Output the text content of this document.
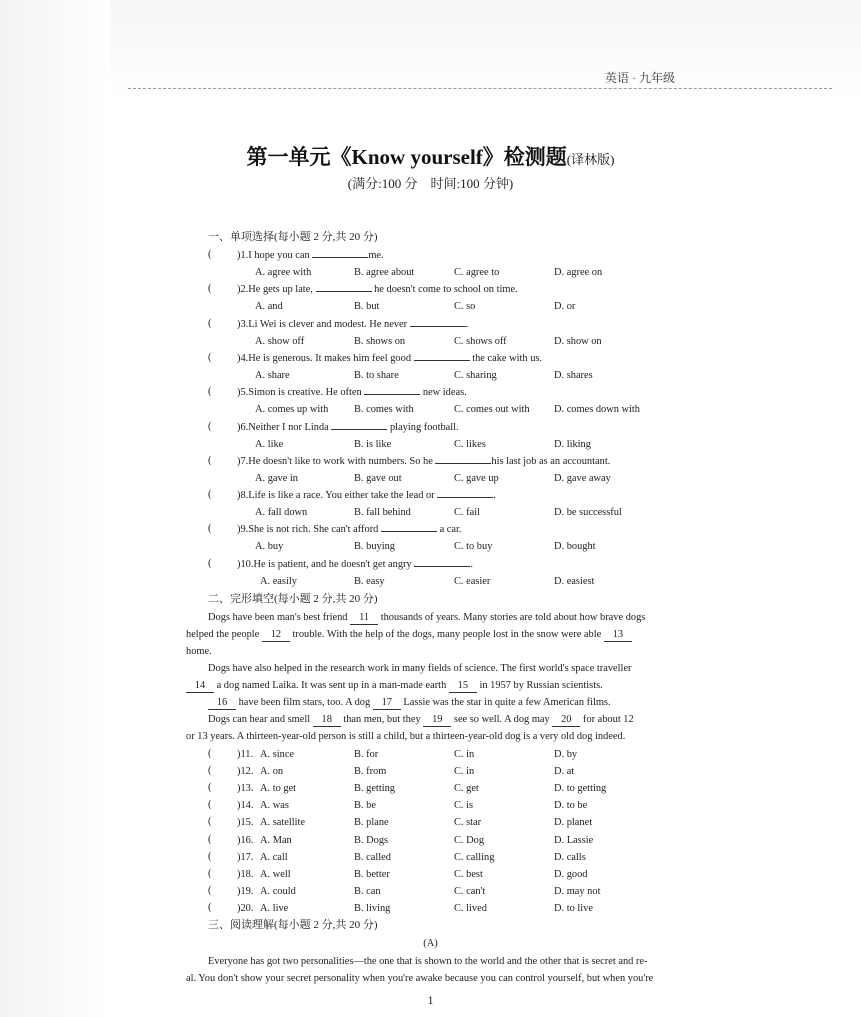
英语 · 九年级
第一单元《Know yourself》检测题(译林版)
(满分:100 分　时间:100 分钟)
一、单项选择(每小题 2 分,共 20 分)
( )1.I hope you can	me.
A. agree with	B. agree about	C. agree to	D. agree on
( )2.He gets up late,	he doesn't come to school on time.
A. and	B. but	C. so	D. or
( )3.Li Wei is clever and modest. He never	.
A. show off	B. shows on	C. shows off	D. show on
( )4.He is generous. It makes him feel good	the cake with us.
A. share	B. to share	C. sharing	D. shares
( )5.Simon is creative. He often	new ideas.
A. comes up with B. comes with	C. comes out with D. comes down with
( )6.Neither I nor Linda	playing football.
A. like	B. is like	C. likes	D. liking
( )7.He doesn't like to work with numbers. So he	his last job as an accountant.
A. gave in	B. gave out	C. gave up	D. gave away
( )8.Life is like a race. You either take the lead or	.
A. fall down	B. fall behind	C. fail	D. be successful
( )9.She is not rich. She can't afford	a car.
A. buy	B. buying	C. to buy	D. bought
( )10.He is patient, and he doesn't get angry	.
A. easily	B. easy	C. easier	D. easiest
二、完形填空(每小题 2 分,共 20 分)
Dogs have been man's best friend 11 thousands of years. Many stories are told about how brave dogs
helped the people 12 trouble. With the help of the dogs, many people lost in the snow were able 13
home.
Dogs have also helped in the research work in many fields of science. The first world's space traveller
14 a dog named Laika. It was sent up in a man-made earth 15 in 1957 by Russian scientists.
16 have been film stars, too. A dog 17 Lassie was the star in quite a few American films.
Dogs can hear and smell 18 than men, but they 19 see so well. A dog may 20 for about 12
or 13 years. A thirteen-year-old person is still a child, but a thirteen-year-old dog is a very old dog indeed.
( )11. A. since	B. for	C. in	D. by
( )12. A. on	B. from	C. in	D. at
( )13. A. to get	B. getting	C. get	D. to getting
( )14. A. was	B. be	C. is	D. to be
( )15. A. satellite	B. plane	C. star	D. planet
( )16. A. Man	B. Dogs	C. Dog	D. Lassie
( )17. A. call	B. called	C. calling	D. calls
( )18. A. well	B. better	C. best	D. good
( )19. A. could	B. can	C. can't	D. may not
( )20. A. live	B. living	C. lived	D. to live
三、阅读理解(每小题 2 分,共 20 分)
(A)
Everyone has got two personalities—the one that is shown to the world and the other that is secret and re-
al. You don't show your secret personality when you're awake because you can control yourself, but when you're
1
